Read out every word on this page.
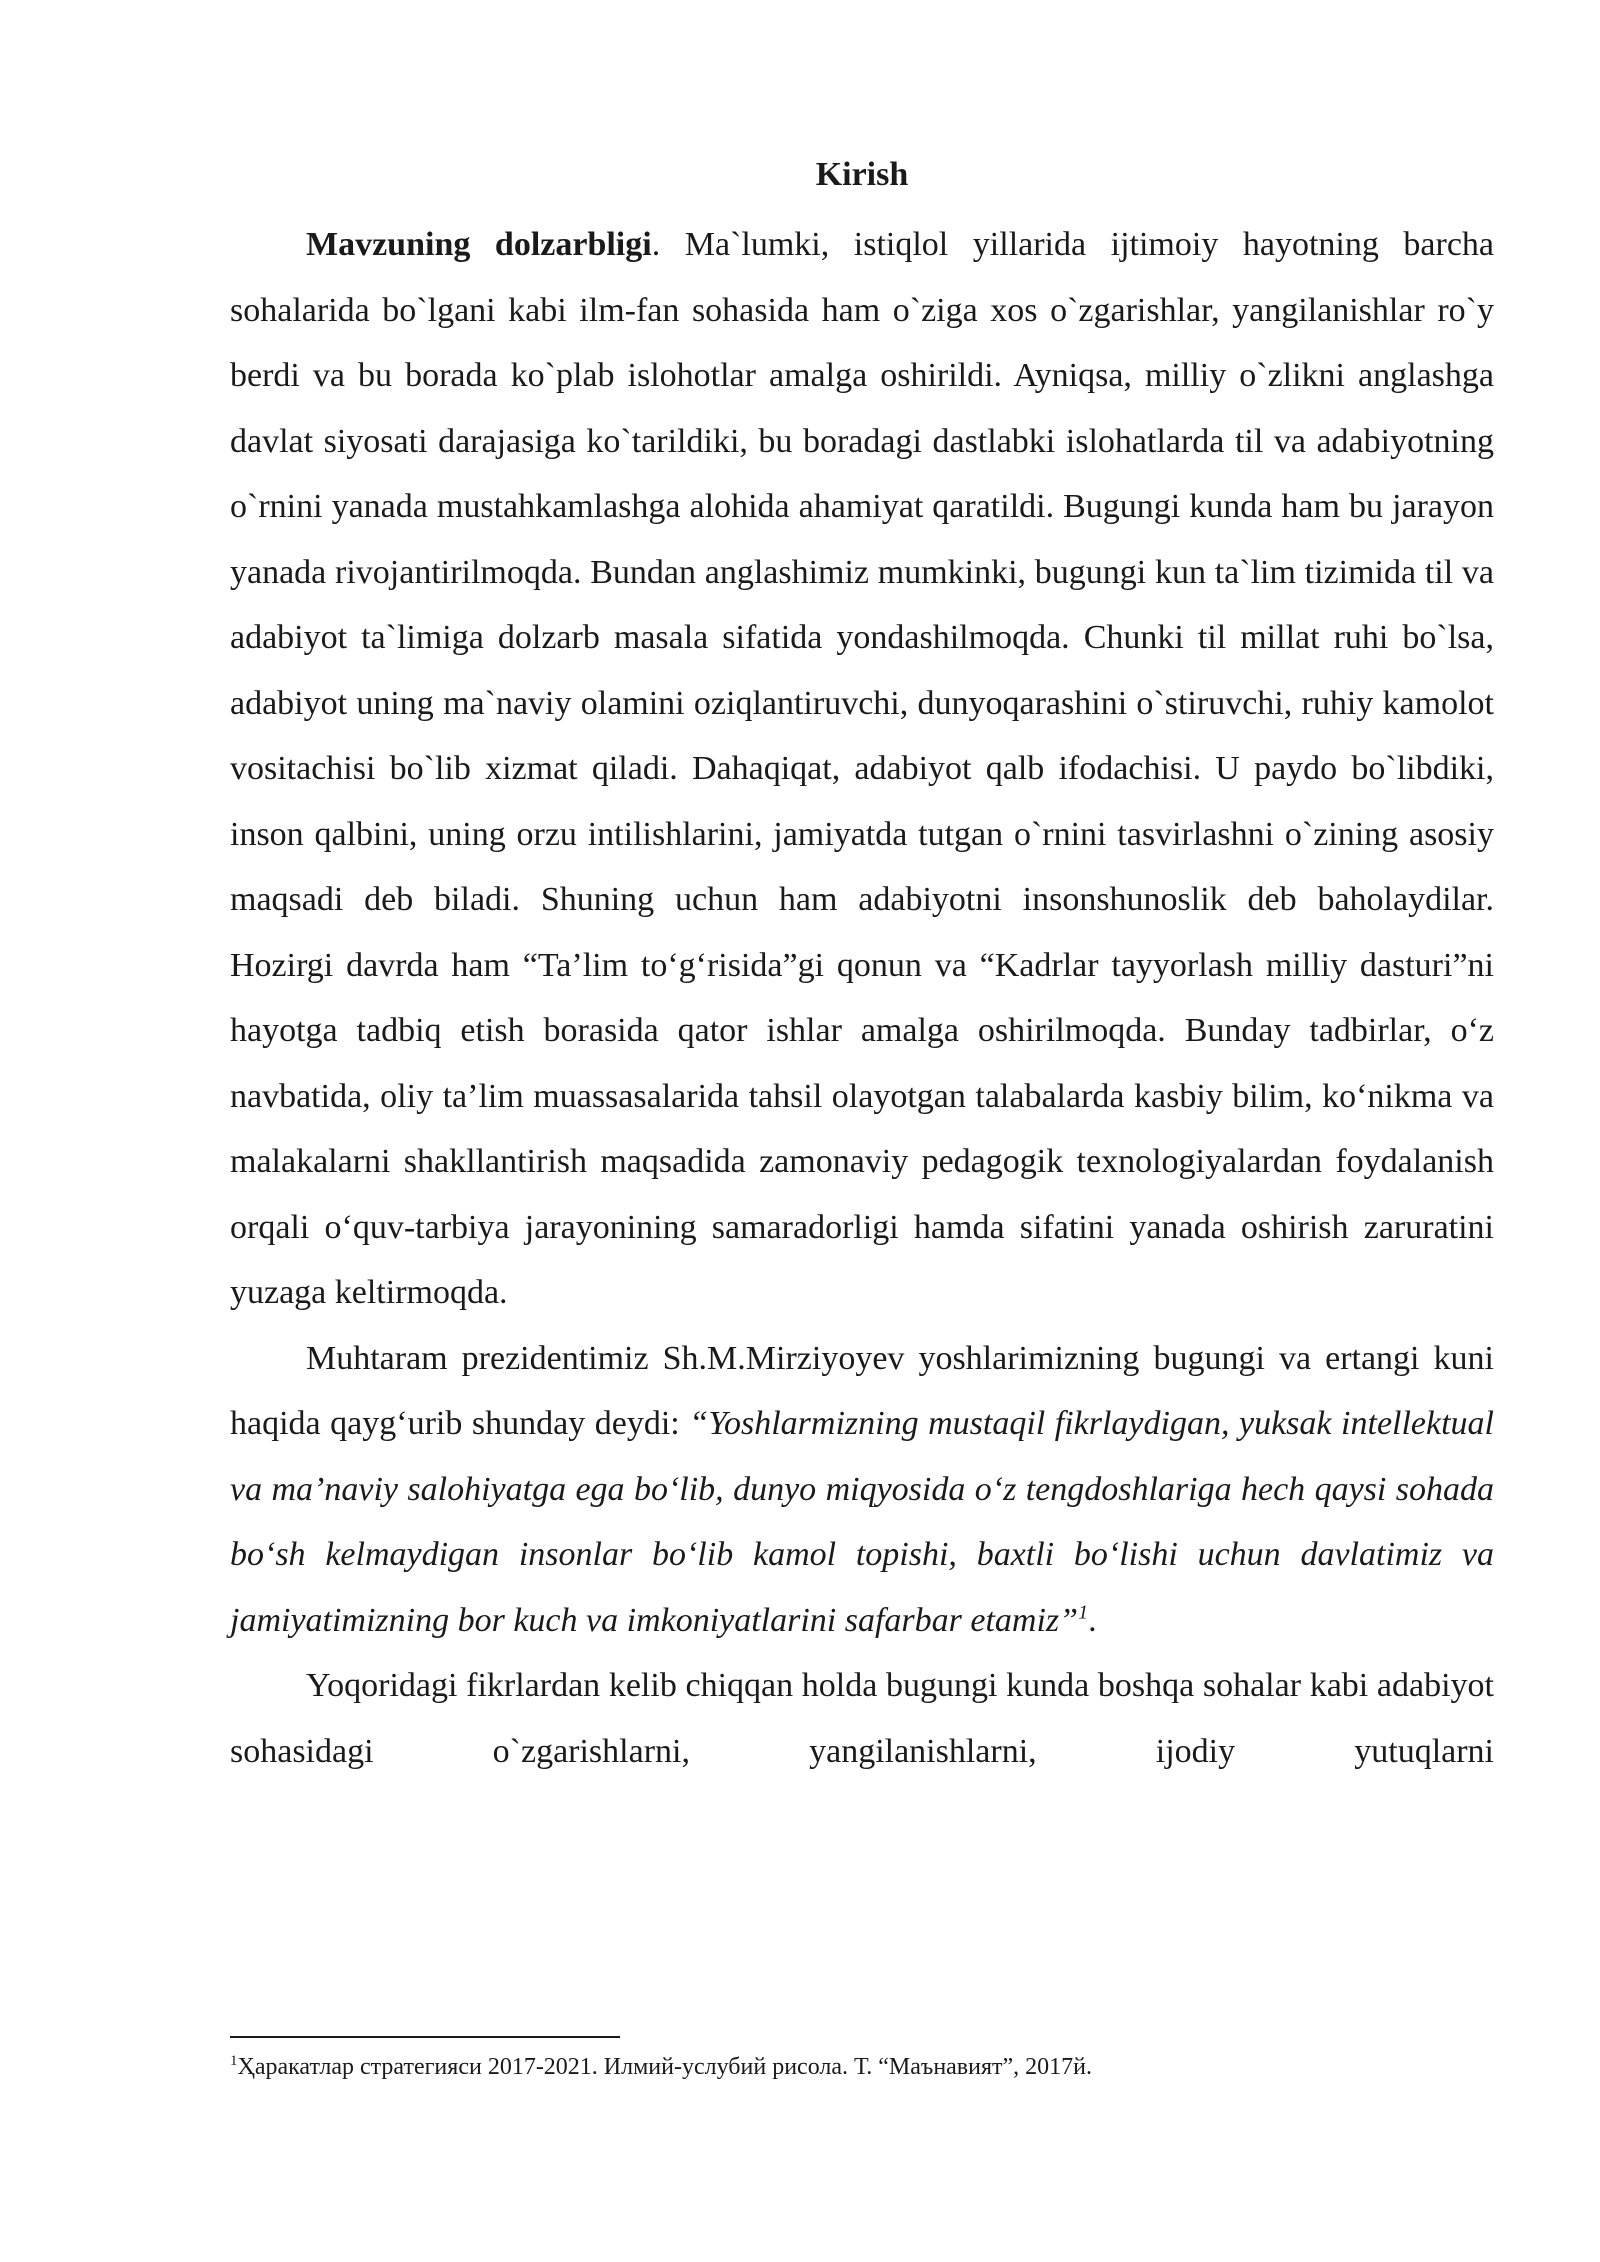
Kirish

Mavzuning dolzarbligi. Ma`lumki, istiqlol yillarida ijtimoiy hayotning barcha sohalarida bo`lgani kabi ilm-fan sohasida ham o`ziga xos o`zgarishlar, yangilanishlar ro`y berdi va bu borada ko`plab islohotlar amalga oshirildi. Ayniqsa, milliy o`zlikni anglashga davlat siyosati darajasiga ko`tarildiki, bu boradagi dastlabki islohatlarda til va adabiyotning o`rnini yanada mustahkamlashga alohida ahamiyat qaratildi. Bugungi kunda ham bu jarayon yanada rivojantirilmoqda. Bundan anglashimiz mumkinki, bugungi kun ta`lim tizimida til va adabiyot ta`limiga dolzarb masala sifatida yondashilmoqda. Chunki til millat ruhi bo`lsa, adabiyot uning ma`naviy olamini oziqlantiruvchi, dunyoqarashini o`stiruvchi, ruhiy kamolot vositachisi bo`lib xizmat qiladi. Dahaqiqat, adabiyot qalb ifodachisi. U paydo bo`libdiki, inson qalbini, uning orzu intilishlarini, jamiyatda tutgan o`rnini tasvirlashni o`zining asosiy maqsadi deb biladi. Shuning uchun ham adabiyotni insonshunoslik deb baholaydilar. Hozirgi davrda ham “Ta’lim to‘g‘risida”gi qonun va “Kadrlar tayyorlash milliy dasturi”ni hayotga tadbiq etish borasida qator ishlar amalga oshirilmoqda. Bunday tadbirlar, o‘z navbatida, oliy ta’lim muassasalarida tahsil olayotgan talabalarda kasbiy bilim, ko‘nikma va malakalarni shakllantirish maqsadida zamonaviy pedagogik texnologiyalardan foydalanish orqali o‘quv-tarbiya jarayonining samaradorligi hamda sifatini yanada oshirish zaruratini yuzaga keltirmoqda.

Muhtaram prezidentimiz Sh.M.Mirziyoyev yoshlarimizning bugungi va ertangi kuni haqida qayg‘urib shunday deydi: “Yoshlarmizning mustaqil fikrlaydigan, yuksak intellektual va ma’naviy salohiyatga ega bo‘lib, dunyo miqyosida o‘z tengdoshlariga hech qaysi sohada bo‘sh kelmaydigan insonlar bo‘lib kamol topishi, baxtli bo‘lishi uchun davlatimiz va jamiyatimizning bor kuch va imkoniyatlarini safarbar etamiz”$^1$.

Yoqoridagi fikrlardan kelib chiqqan holda bugungi kunda boshqa sohalar kabi adabiyot sohasidagi o`zgarishlarni, yangilanishlarni, ijodiy yutuqlarni

$^1$Ҳаракатлар стратегияси 2017-2021. Илмий-услубий рисола. Т. “Маънавият”, 2017й.
